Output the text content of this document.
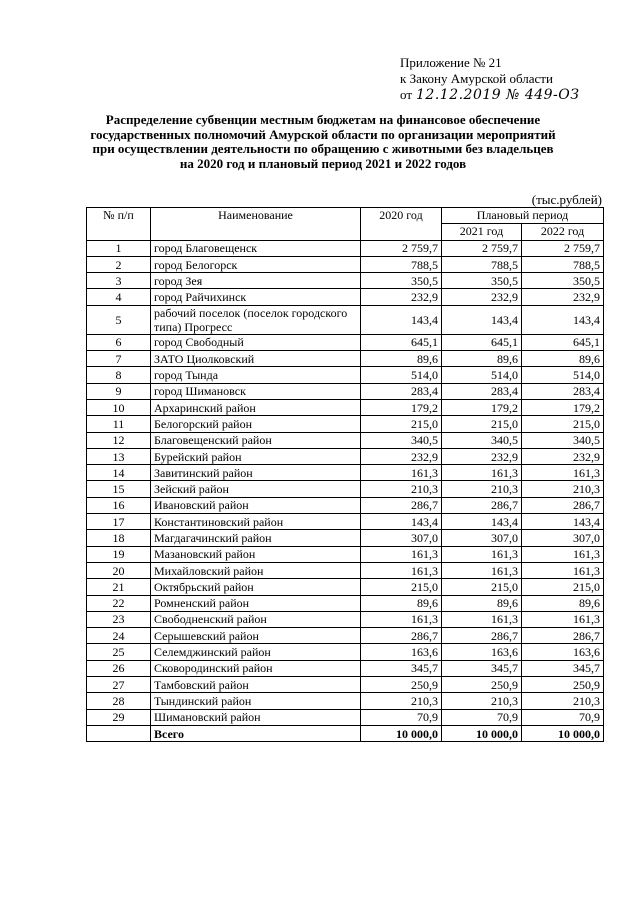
Приложение № 21
к Закону Амурской области
от 12.12.2019 № 449-ОЗ
Распределение субвенции местным бюджетам на финансовое обеспечение государственных полномочий Амурской области по организации мероприятий при осуществлении деятельности по обращению с животными без владельцев на 2020 год и плановый период 2021 и 2022 годов
(тыс.рублей)
№ п/п	Наименование	2020 год	Плановый период	
			2021 год	2022 год
1	город Благовещенск	2 759,7	2 759,7	2 759,7
2	город Белогорск	788,5	788,5	788,5
3	город Зея	350,5	350,5	350,5
4	город Райчихинск	232,9	232,9	232,9
5	рабочий поселок (поселок городского типа) Прогресс	143,4	143,4	143,4
6	город Свободный	645,1	645,1	645,1
7	ЗАТО Циолковский	89,6	89,6	89,6
8	город Тында	514,0	514,0	514,0
9	город Шимановск	283,4	283,4	283,4
10	Архаринский район	179,2	179,2	179,2
11	Белогорский район	215,0	215,0	215,0
12	Благовещенский район	340,5	340,5	340,5
13	Бурейский район	232,9	232,9	232,9
14	Завитинский район	161,3	161,3	161,3
15	Зейский район	210,3	210,3	210,3
16	Ивановский район	286,7	286,7	286,7
17	Константиновский район	143,4	143,4	143,4
18	Магдагачинский район	307,0	307,0	307,0
19	Мазановский район	161,3	161,3	161,3
20	Михайловский район	161,3	161,3	161,3
21	Октябрьский район	215,0	215,0	215,0
22	Ромненский район	89,6	89,6	89,6
23	Свободненский район	161,3	161,3	161,3
24	Серышевский район	286,7	286,7	286,7
25	Селемджинский район	163,6	163,6	163,6
26	Сковородинский район	345,7	345,7	345,7
27	Тамбовский район	250,9	250,9	250,9
28	Тындинский район	210,3	210,3	210,3
29	Шимановский район	70,9	70,9	70,9
	Всего	10 000,0	10 000,0	10 000,0
